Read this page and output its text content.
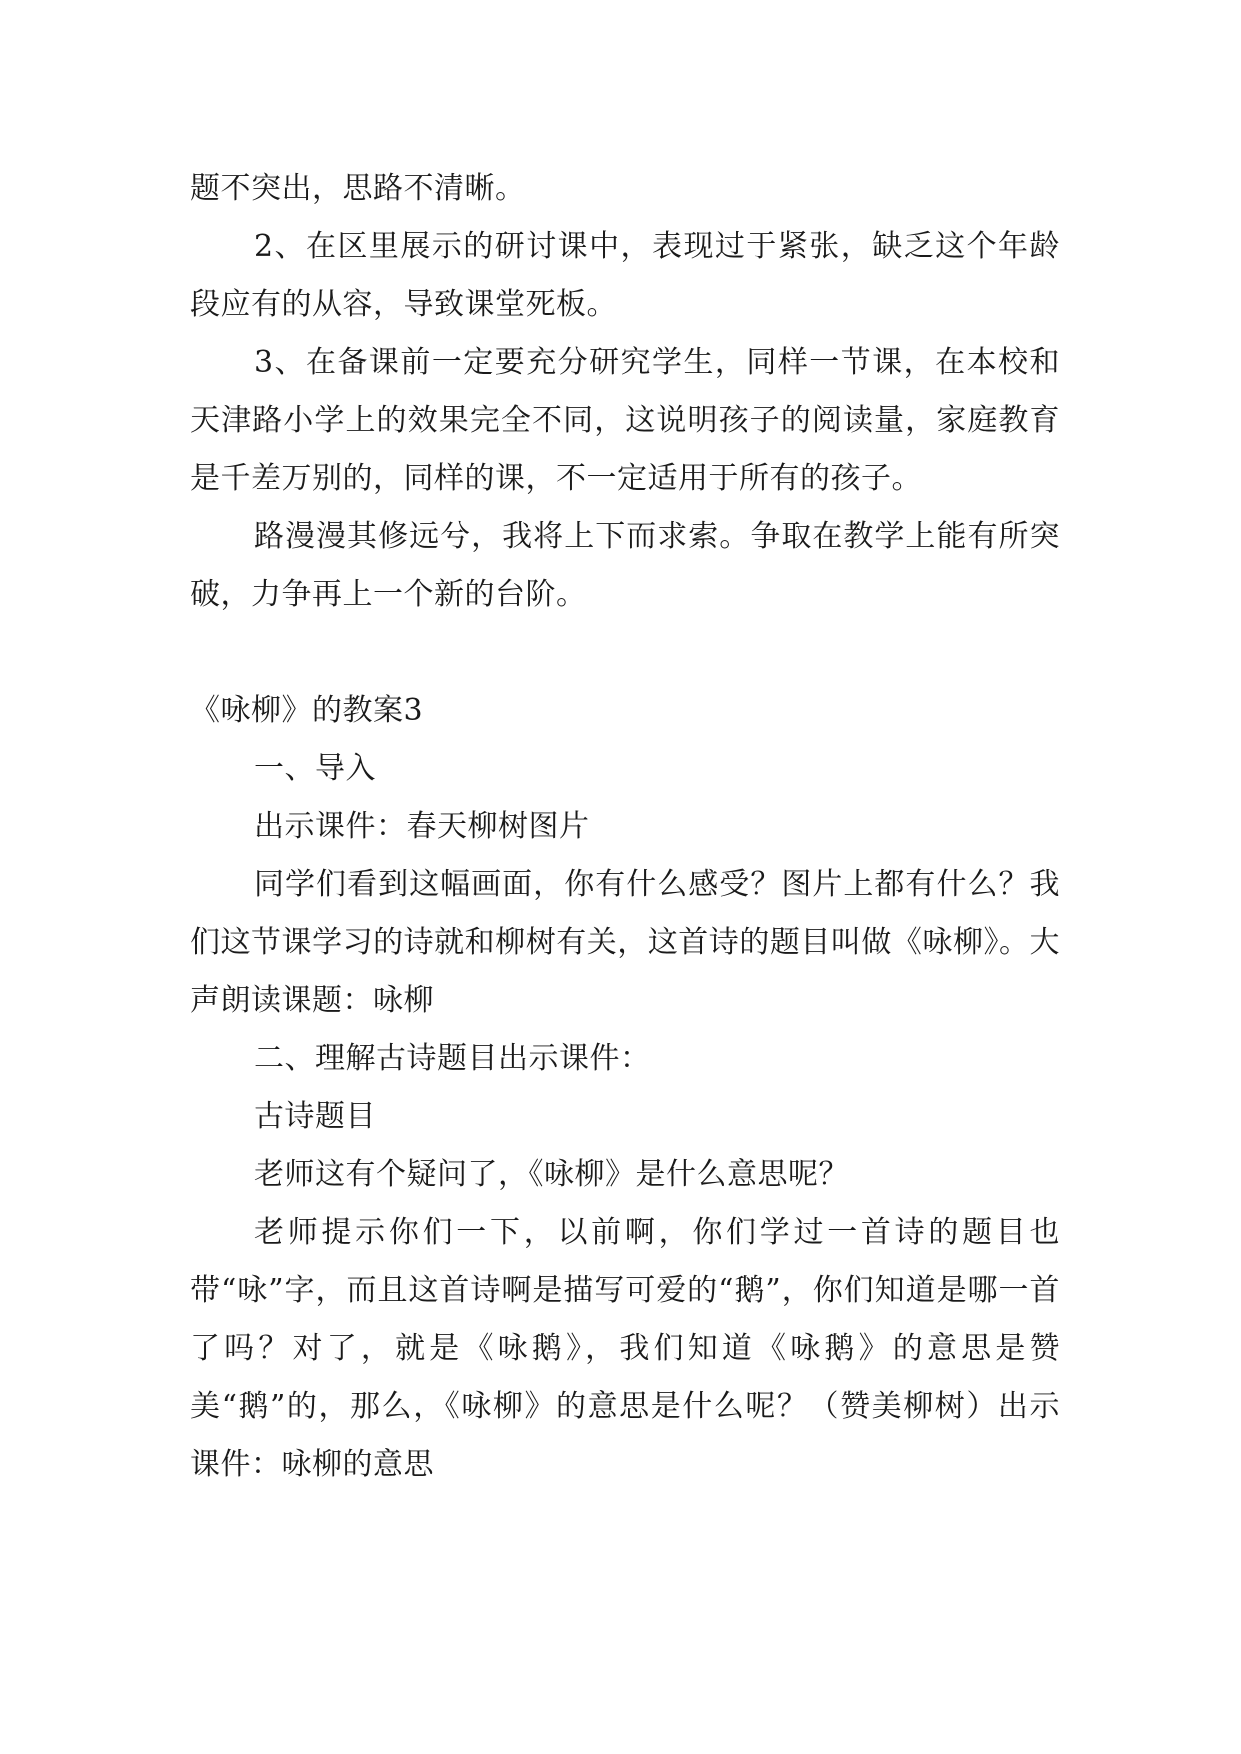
题不突出，思路不清晰。

2、在区里展示的研讨课中，表现过于紧张，缺乏这个年龄段应有的从容，导致课堂死板。

3、在备课前一定要充分研究学生，同样一节课，在本校和天津路小学上的效果完全不同，这说明孩子的阅读量，家庭教育是千差万别的，同样的课，不一定适用于所有的孩子。

路漫漫其修远兮，我将上下而求索。争取在教学上能有所突破，力争再上一个新的台阶。

《咏柳》的教案3

一、导入

出示课件：春天柳树图片

同学们看到这幅画面，你有什么感受？图片上都有什么？我们这节课学习的诗就和柳树有关，这首诗的题目叫做《咏柳》。大声朗读课题：咏柳

二、理解古诗题目出示课件：

古诗题目

老师这有个疑问了，《咏柳》是什么意思呢？

老师提示你们一下，以前啊，你们学过一首诗的题目也带“咏”字，而且这首诗啊是描写可爱的“鹅”，你们知道是哪一首了吗？对了，就是《咏鹅》，我们知道《咏鹅》的意思是赞美“鹅”的，那么，《咏柳》的意思是什么呢？（赞美柳树）出示课件：咏柳的意思
